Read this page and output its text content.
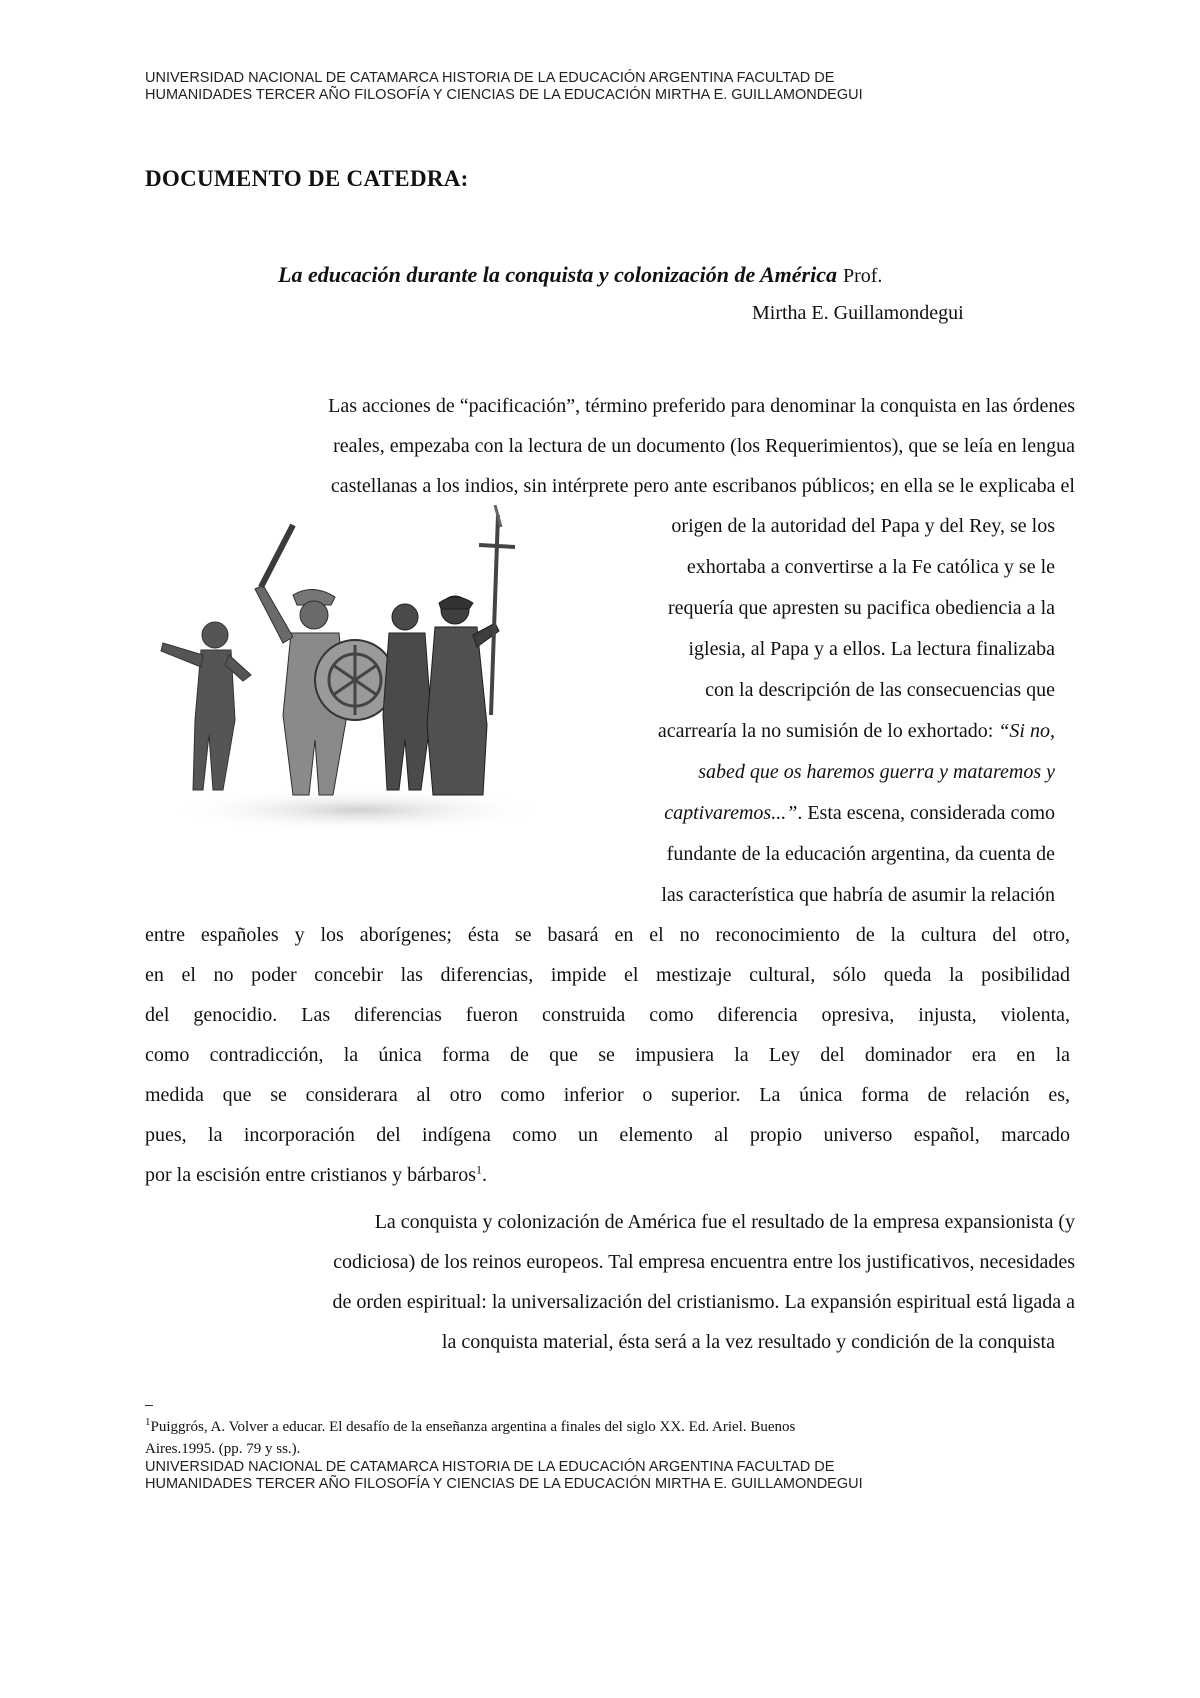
UNIVERSIDAD NACIONAL DE CATAMARCA HISTORIA DE LA EDUCACIÓN ARGENTINA FACULTAD DE
HUMANIDADES TERCER AÑO FILOSOFÍA Y CIENCIAS DE LA EDUCACIÓN MIRTHA E. GUILLAMONDEGUI
DOCUMENTO DE CATEDRA:
La educación durante la conquista y colonización de América Prof.
Mirtha E. Guillamondegui
Las acciones de “pacificación”, término preferido para denominar la conquista en las órdenes
reales, empezaba con la lectura de un documento (los Requerimientos), que se leía en lengua
castellanas a los indios, sin intérprete pero ante escribanos públicos; en ella se le explicaba el
origen de la autoridad del Papa y del Rey, se los
exhortaba a convertirse a la Fe católica y se le
requería que apresten su pacifica obediencia a la
iglesia, al Papa y a ellos. La lectura finalizaba
con la descripción de las consecuencias que
acarrearía la no sumisión de lo exhortado: “Si no,
sabed que os haremos guerra y mataremos y
captivaremos...”. Esta escena, considerada como
fundante de la educación argentina, da cuenta de
las característica que habría de asumir la relación
entre españoles y los aborígenes; ésta se basará en el no reconocimiento de la cultura del otro,
en el no poder concebir las diferencias, impide el mestizaje cultural, sólo queda la posibilidad
del genocidio. Las diferencias fueron construida como diferencia opresiva, injusta, violenta,
como contradicción, la única forma de que se impusiera la Ley del dominador era en la
medida que se considerara al otro como inferior o superior. La única forma de relación es,
pues, la incorporación del indígena como un elemento al propio universo español, marcado
por la escisión entre cristianos y bárbaros$^1$.
La conquista y colonización de América fue el resultado de la empresa expansionista (y
codiciosa) de los reinos europeos. Tal empresa encuentra entre los justificativos, necesidades
de orden espiritual: la universalización del cristianismo. La expansión espiritual está ligada a
la conquista material, ésta será a la vez resultado y condición de la conquista
$^1$Puiggrós, A. Volver a educar. El desafío de la enseñanza argentina a finales del siglo XX. Ed. Ariel. Buenos
Aires.1995. (pp. 79 y ss.).
UNIVERSIDAD NACIONAL DE CATAMARCA HISTORIA DE LA EDUCACIÓN ARGENTINA FACULTAD DE
HUMANIDADES TERCER AÑO FILOSOFÍA Y CIENCIAS DE LA EDUCACIÓN MIRTHA E. GUILLAMONDEGUI
